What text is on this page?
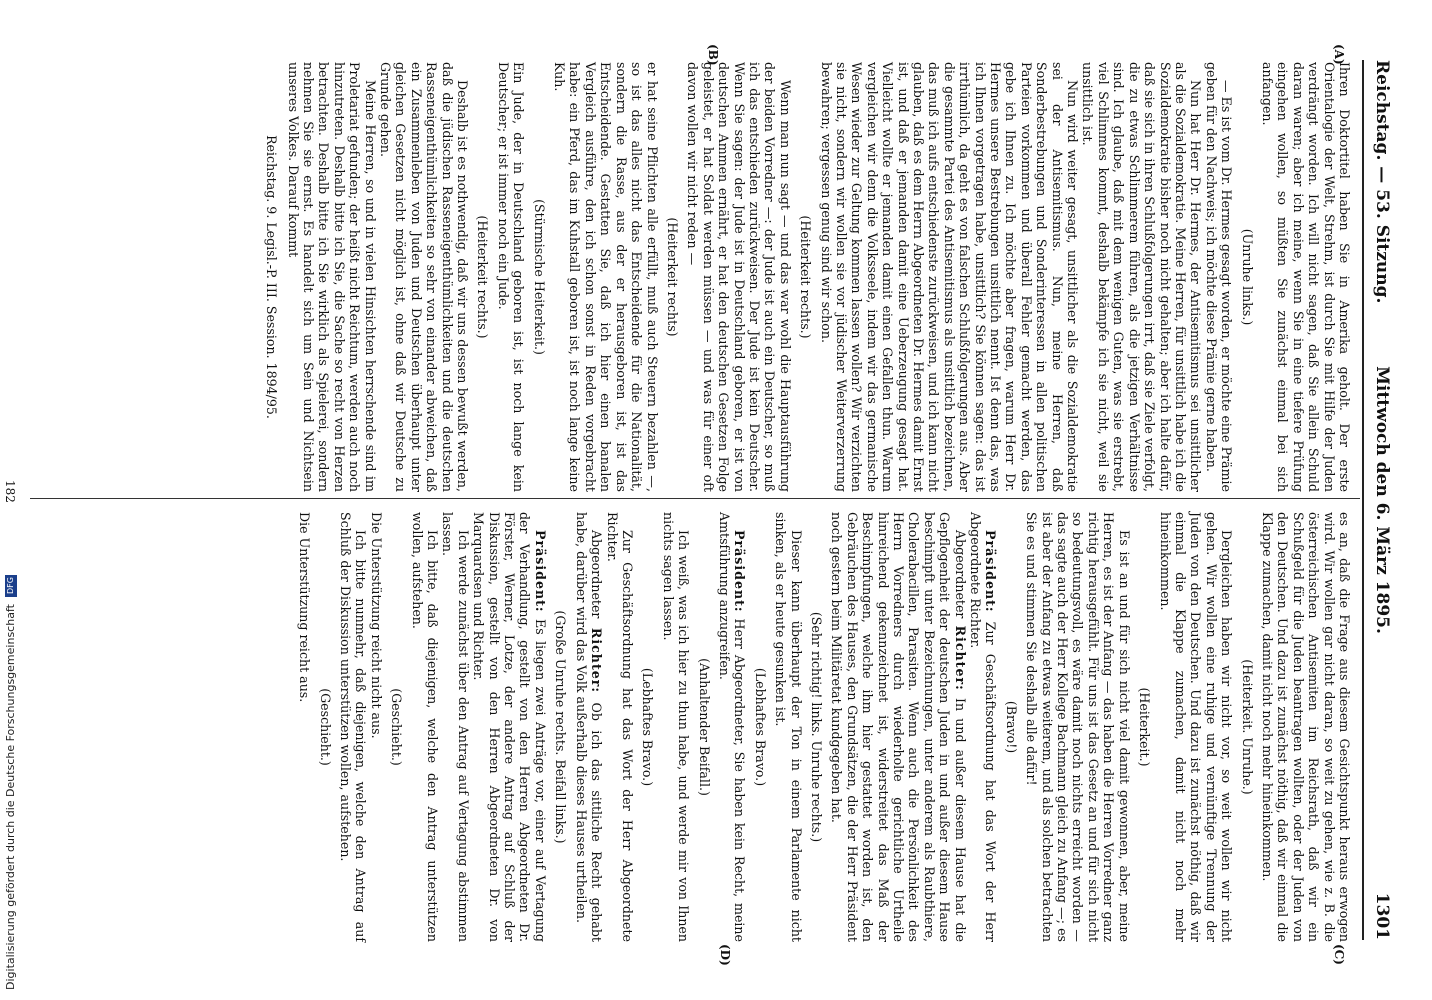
Reichstag. — 53. Sitzung.
Mittwoch den 6. März 1895.
1301
(A)
(B)
(C)
(D)

Ihren Doktortitel haben Sie in Amerika geholt. Der erste Orientalogie der Welt, Strehm, ist durch Sie mit Hilfe der Juden verdrängt worden. Ich will nicht sagen, daß Sie allein Schuld daran waren; aber ich meine, wenn Sie in eine tiefere Prüfung eingehen wollen, so müßten Sie zunächst einmal bei sich anfangen.

(Unruhe links.)

— Es ist vom Dr. Hermes gesagt worden, er möchte eine Prämie geben für den Nachweis; ich möchte diese Prämie gerne haben.

Nun hat Herr Dr. Hermes, der Antisemitismus sei unsittlicher als die Sozialdemokratie. Meine Herren, für unsittlich habe ich die Sozialdemokratie bisher noch nicht gehalten; aber ich halte dafür, daß sie sich in ihren Schlußfolgerungen irrt, daß sie Ziele verfolgt, die zu etwas Schlimmerem führen, als die jetzigen Verhältnisse sind. Ich glaube, daß mit dem wenigen Guten, was sie erstrebt, viel Schlimmes kommt, deshalb bekämpfe ich sie nicht, weil sie unsittlich ist.

Nun wird weiter gesagt, unsittlicher als die Sozialdemokratie sei der Antisemitismus. Nun, meine Herren, daß Sonderbestrebungen und Sonderinteressen in allen politischen Parteien vorkommen und überall Fehler gemacht werden, das gebe ich Ihnen zu. Ich möchte aber fragen, warum Herr Dr. Hermes unsere Bestrebungen unsittlich nennt. Ist denn das, was ich Ihnen vorgetragen habe, unsittlich? Sie können sagen: das ist irrthümlich, da geht es von falschen Schlußfolgerungen aus. Aber die gesammte Partei des Antisemitismus als unsittlich bezeichnen, das muß ich aufs entschiedenste zurückweisen, und ich kann nicht glauben, daß es dem Herrn Abgeordneten Dr. Hermes damit Ernst ist, und daß er jemanden damit eine Ueberzeugung gesagt hat. Vielleicht wollte er jemanden damit einen Gefallen thun. Warum vergleichen wir denn die Volksseele, indem wir das germanische Wesen wieder zur Geltung kommen lassen wollen? Wir verzichten sie nicht, sondern wir wollen sie vor jüdischer Weiterverzerrung bewahren; vergessen genug sind wir schon.

(Heiterkeit rechts.)

Wenn man nun sagt — und das war wohl die Hauptausführung der beiden Vorredner —: der Jude ist auch ein Deutscher, so muß ich das entschieden zurückweisen. Der Jude ist kein Deutscher. Wenn Sie sagen: der Jude ist in Deutschland geboren, er ist von deutschen Ammen ernährt, er hat den deutschen Gesetzen Folge geleistet, er hat Soldat werden müssen — und was für einer oft davon wollen wir nicht reden —

(Heiterkeit rechts)

er hat seine Pflichten alle erfüllt, muß auch Steuern bezahlen —, so ist das alles nicht das Entscheidende für die Nationalität, sondern die Rasse, aus der er herausgeboren ist, ist das Entscheidende. Gestatten Sie, daß ich hier einen banalen Vergleich ausführe, den ich schon sonst in Reden vorgebracht habe: ein Pferd, das im Kuhstall geboren ist, ist noch lange keine Kuh.

(Stürmische Heiterkeit.)

Ein Jude, der in Deutschland geboren ist, ist noch lange kein Deutscher; er ist immer noch ein Jude.

(Heiterkeit rechts.)

Deshalb ist es nothwendig, daß wir uns dessen bewußt werden, daß die jüdischen Rasseneigenthümlichkeiten und die deutschen Rasseneigenthümlichkeiten so sehr von einander abweichen, daß ein Zusammenleben von Juden und Deutschen überhaupt unter gleichen Gesetzen nicht möglich ist, ohne daß wir Deutsche zu Grunde gehen.

Meine Herren, so und in vielen Hinsichten herrschende sind im Proletariat gefunden; der heißt nicht Reichtum, werden auch noch hinzutreten. Deshalb bitte ich Sie, die Sache so recht von Herzen betrachten. Deshalb bitte ich Sie wirklich als Spielerei, sondern nehmen Sie sie ernst. Es handelt sich um Sein und Nichtsein unseres Volkes. Darauf kommt

Reichstag. 9. Legisl.-P. III. Session. 1894/95.

es an, daß die Frage aus diesem Gesichtspunkt heraus erwogen wird. Wir wollen gar nicht daran, so weit zu gehen, wie z. B. die österreichischen Antisemiten im Reichsrath, daß wir ein Schußgeld für die Juden beantragen wollten, oder der Juden von den Deutschen. Und dazu ist zunächst nöthig, daß wir einmal die Klappe zumachen, damit nicht noch mehr hineinkommen.

(Heiterkeit. Unruhe.)

Dergleichen haben wir nicht vor, so weit wollen wir nicht gehen. Wir wollen eine ruhige und vernünftige Trennung der Juden von den Deutschen. Und dazu ist zunächst nöthig, daß wir einmal die Klappe zumachen, damit nicht noch mehr hineinkommen.

(Heiterkeit.)

Es ist an und für sich nicht viel damit gewonnen, aber, meine Herren, es ist der Anfang — das haben die Herren Vorredner ganz richtig herausgefühlt. Für uns ist das Gesetz an und für sich nicht so bedeutungsvoll, es wäre damit noch nichts erreicht worden — das sagte auch der Herr Kollege Bachmann gleich zu Anfang —; es ist aber der Anfang zu etwas weiterem, und als solchen betrachten Sie es und stimmen Sie deshalb alle dafür!

(Bravo!)

Präsident: Zur Geschäftsordnung hat das Wort der Herr Abgeordnete Richter.

Abgeordneter Richter: In und außer diesem Hause hat die Gepflogenheit der deutschen Juden in und außer diesem Hause beschimpft unter Bezeichnungen, unter anderem als Raubthiere, Cholerabacillen, Parasiten. Wenn auch die Persönlichkeit des Herrn Vorredners durch wiederholte gerichtliche Urtheile hinreichend gekennzeichnet ist, widerstreitet das Maß der Beschimpfungen, welche ihm hier gestattet worden ist, den Gebräuchen des Hauses, den Grundsätzen, die der Herr Präsident noch gestern beim Militäretat kundgegeben hat.

(Sehr richtig! links. Unruhe rechts.)

Dieser kann überhaupt der Ton in einem Parlamente nicht sinken, als er heute gesunken ist.

(Lebhaftes Bravo.)

Präsident: Herr Abgeordneter, Sie haben kein Recht, meine Amtsführung anzugreifen.

(Anhaltender Beifall.)

Ich weiß, was ich hier zu thun habe, und werde mir von Ihnen nichts sagen lassen.

(Lebhaftes Bravo.)

Zur Geschäftsordnung hat das Wort der Herr Abgeordnete Richter.

Abgeordneter Richter: Ob ich das sittliche Recht gehabt habe, darüber wird das Volk außerhalb dieses Hauses urtheilen.

(Große Unruhe rechts. Beifall links.)

Präsident: Es liegen zwei Anträge vor, einer auf Vertagung der Verhandlung, gestellt von den Herren Abgeordneten Dr. Förster, Werner, Lotze, der andere Antrag auf Schluß der Diskussion, gestellt von den Herren Abgeordneten Dr. von Marquardsen und Richter.

Ich werde zunächst über den Antrag auf Vertagung abstimmen lassen.

Ich bitte, daß diejenigen, welche den Antrag unterstützen wollen, aufstehen.

(Geschieht.)

Die Unterstützung reicht nicht aus.

Ich bitte nunmehr, daß diejenigen, welche den Antrag auf Schluß der Diskussion unterstützen wollen, aufstehen.

(Geschieht.)

Die Unterstützung reicht aus.

182
Digitalisierung gefördert durch die Deutsche Forschungsgemeinschaft DFG
